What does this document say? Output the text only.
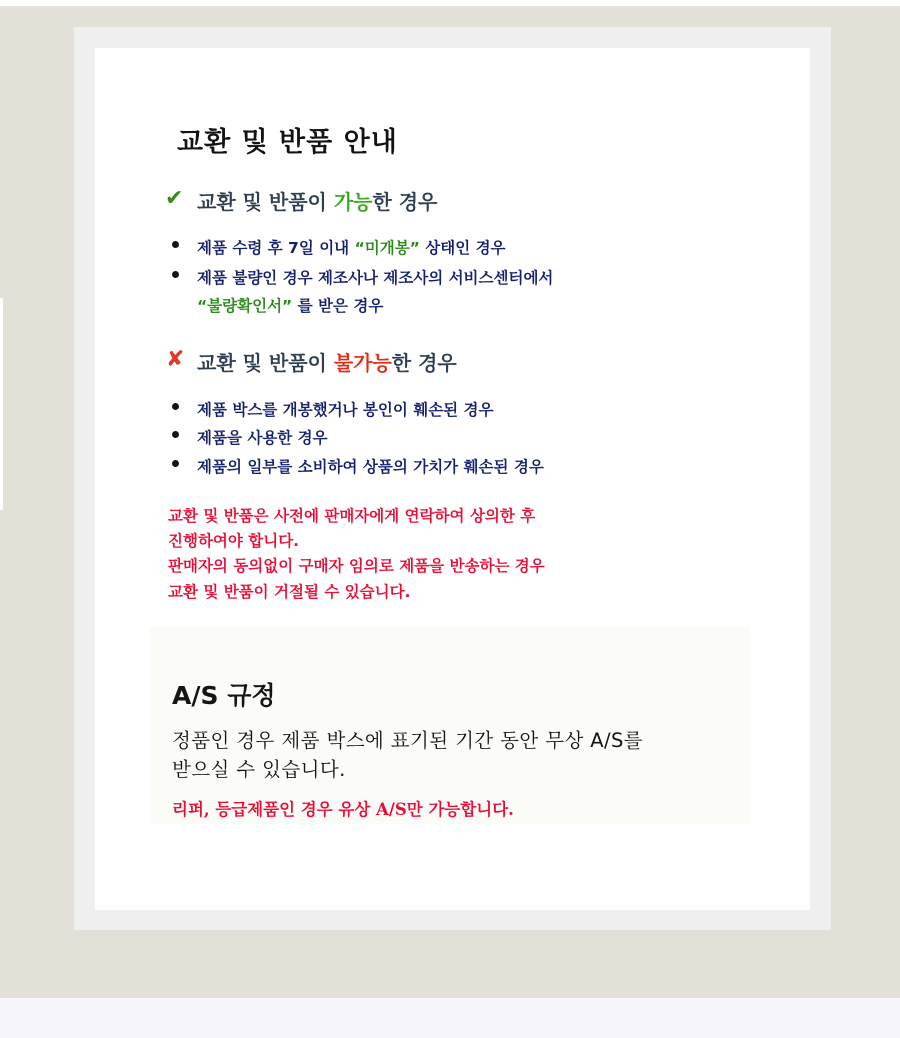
교환 및 반품 안내
✔ 교환 및 반품이 가능한 경우
제품 수령 후 7일 이내 “미개봉” 상태인 경우
제품 불량인 경우 제조사나 제조사의 서비스센터에서
“불량확인서” 를 받은 경우
✘ 교환 및 반품이 불가능한 경우
제품 박스를 개봉했거나 봉인이 훼손된 경우
제품을 사용한 경우
제품의 일부를 소비하여 상품의 가치가 훼손된 경우
교환 및 반품은 사전에 판매자에게 연락하여 상의한 후
진행하여야 합니다.
판매자의 동의없이 구매자 임의로 제품을 반송하는 경우
교환 및 반품이 거절될 수 있습니다.
A/S 규정
정품인 경우 제품 박스에 표기된 기간 동안 무상 A/S를
받으실 수 있습니다.
리퍼, 등급제품인 경우 유상 A/S만 가능합니다.
